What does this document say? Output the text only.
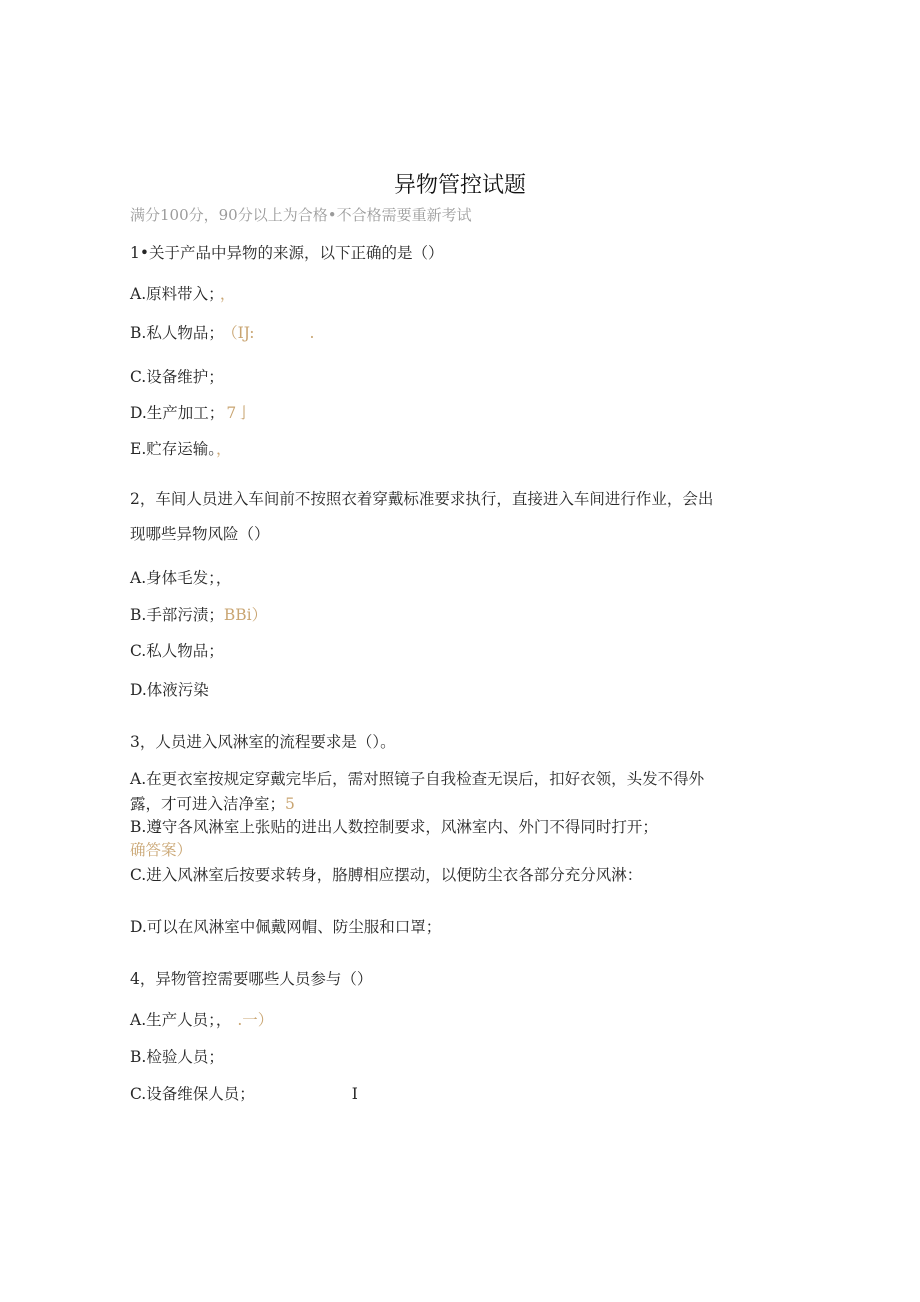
异物管控试题
满分100分，90分以上为合格•不合格需要重新考试
1•关于产品中异物的来源，以下正确的是（）
A.原料带入； ，
B.私人物品； （IJ:	.
C.设备维护；
D.生产加工； 7亅
E.贮存运输。，
2，车间人员进入车间前不按照衣着穿戴标准要求执行，直接进入车间进行作业，会出
现哪些异物风险（）
A.身体毛发；，
B.手部污渍；BBi）
C.私人物品；
D.体液污染
3，人员进入风淋室的流程要求是（）。
A.在更衣室按规定穿戴完毕后，需对照镜子自我检查无误后，扣好衣领，头发不得外
露，才可进入洁净室；5
B.遵守各风淋室上张贴的进出人数控制要求，风淋室内、外门不得同时打开；
确答案）
C.进入风淋室后按要求转身，胳膊相应摆动，以便防尘衣各部分充分风淋：
D.可以在风淋室中佩戴网帽、防尘服和口罩；
4，异物管控需要哪些人员参与（）
A.生产人员；， .一）
B.检验人员；
C.设备维保人员；	I
